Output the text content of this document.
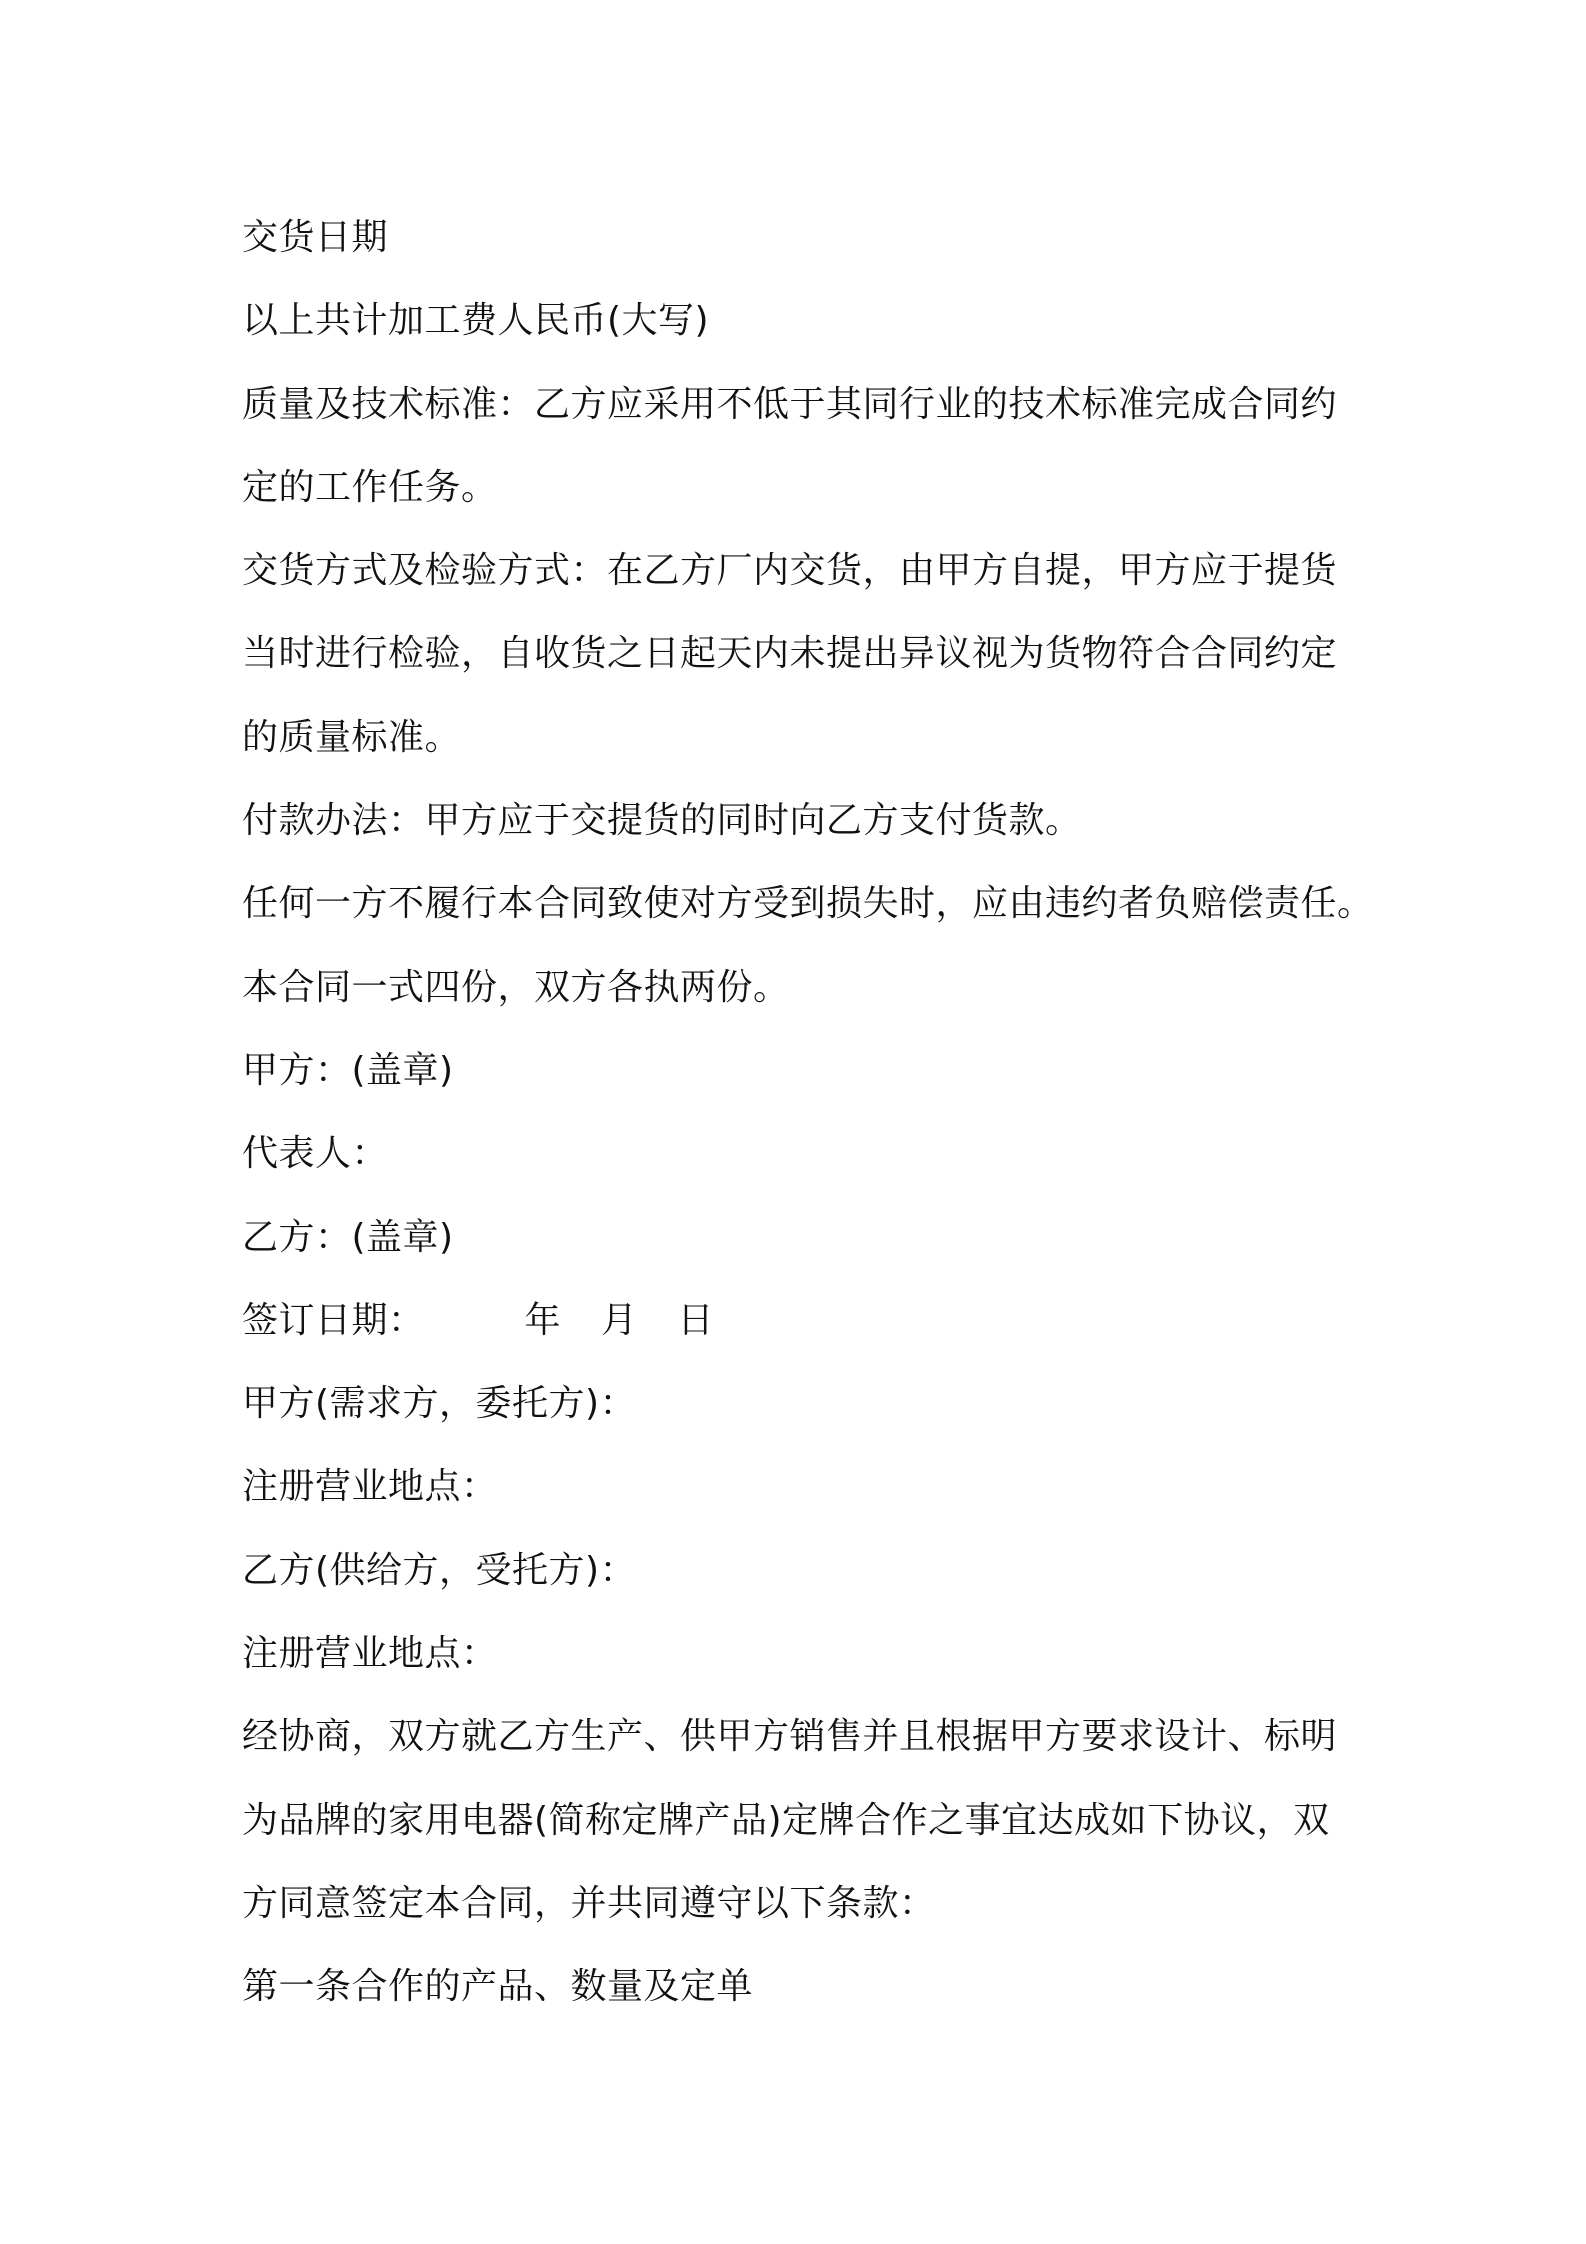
交货日期

以上共计加工费人民币(大写)

质量及技术标准：乙方应采用不低于其同行业的技术标准完成合同约

定的工作任务。

交货方式及检验方式：在乙方厂内交货，由甲方自提，甲方应于提货

当时进行检验，自收货之日起天内未提出异议视为货物符合合同约定

的质量标准。

付款办法：甲方应于交提货的同时向乙方支付货款。

任何一方不履行本合同致使对方受到损失时，应由违约者负赔偿责任。

本合同一式四份，双方各执两份。

甲方：(盖章)

代表人：

乙方：(盖章)

签订日期：	年 月 日

甲方(需求方，委托方)：

注册营业地点：

乙方(供给方，受托方)：

注册营业地点：

经协商，双方就乙方生产、供甲方销售并且根据甲方要求设计、标明

为品牌的家用电器(简称定牌产品)定牌合作之事宜达成如下协议，双

方同意签定本合同，并共同遵守以下条款：

第一条合作的产品、数量及定单
